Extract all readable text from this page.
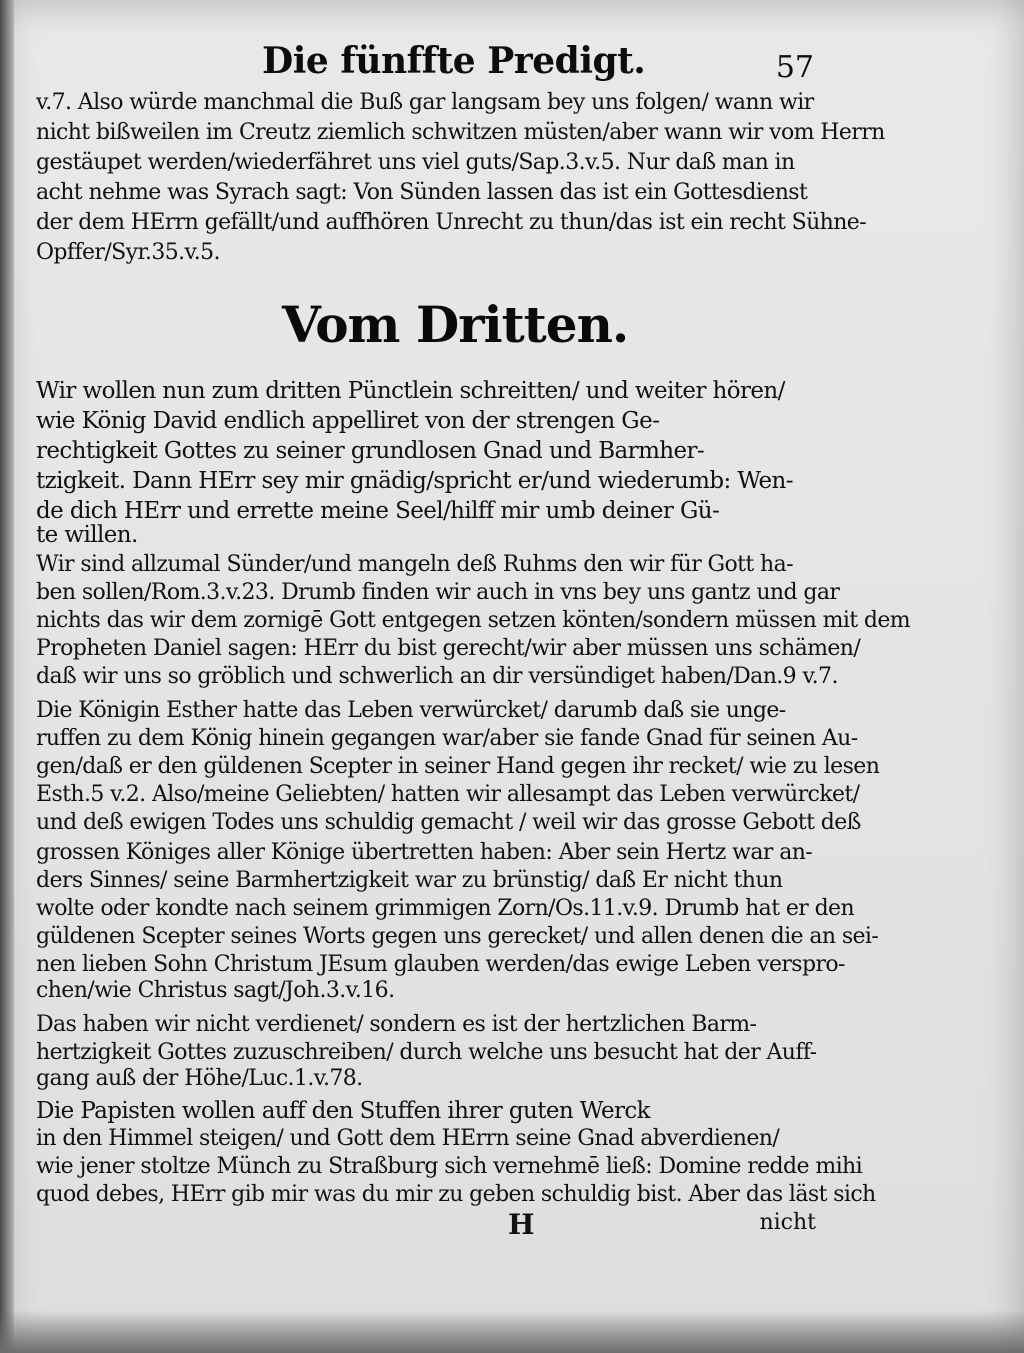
Die fünffte Predigt.	57
v.7. Also würde manchmal die Buß gar langsam bey uns folgen/ wann wir
nicht bißweilen im Creutz ziemlich schwitzen müsten/aber wann wir vom Herrn
gestäupet werden/wiederfähret uns viel guts/Sap.3.v.5. Nur daß man in
acht nehme was Syrach sagt: Von Sünden lassen das ist ein Gottesdienst
der dem HErrn gefällt/und auffhören Unrecht zu thun/das ist ein recht Sühne-
Opffer/Syr.35.v.5.
Vom Dritten.
Wir wollen nun zum dritten Pünctlein schreitten/ und weiter hören/
wie König David endlich appelliret von der strengen Ge-
rechtigkeit Gottes zu seiner grundlosen Gnad und Barmher-
tzigkeit. Dann HErr sey mir gnädig/spricht er/und wiederumb: Wen-
de dich HErr und errette meine Seel/hilff mir umb deiner Gü-
te willen.
Wir sind allzumal Sünder/und mangeln deß Ruhms den wir für Gott ha-
ben sollen/Rom.3.v.23. Drumb finden wir auch in vns bey uns gantz und gar
nichts das wir dem zornigē Gott entgegen setzen könten/sondern müssen mit dem
Propheten Daniel sagen: HErr du bist gerecht/wir aber müssen uns schämen/
daß wir uns so gröblich und schwerlich an dir versündiget haben/Dan.9 v.7.
Die Königin Esther hatte das Leben verwürcket/ darumb daß sie unge-
ruffen zu dem König hinein gegangen war/aber sie fande Gnad für seinen Au-
gen/daß er den güldenen Scepter in seiner Hand gegen ihr recket/ wie zu lesen
Esth.5 v.2. Also/meine Geliebten/ hatten wir allesampt das Leben verwürcket/
und deß ewigen Todes uns schuldig gemacht / weil wir das grosse Gebott deß
grossen Königes aller Könige übertretten haben: Aber sein Hertz war an-
ders Sinnes/ seine Barmhertzigkeit war zu brünstig/ daß Er nicht thun
wolte oder kondte nach seinem grimmigen Zorn/Os.11.v.9. Drumb hat er den
güldenen Scepter seines Worts gegen uns gerecket/ und allen denen die an sei-
nen lieben Sohn Christum JEsum glauben werden/das ewige Leben verspro-
chen/wie Christus sagt/Joh.3.v.16.
Das haben wir nicht verdienet/ sondern es ist der hertzlichen Barm-
hertzigkeit Gottes zuzuschreiben/ durch welche uns besucht hat der Auff-
gang auß der Höhe/Luc.1.v.78.
Die Papisten wollen auff den Stuffen ihrer guten Werck
in den Himmel steigen/ und Gott dem HErrn seine Gnad abverdienen/
wie jener stoltze Münch zu Straßburg sich vernehmē ließ: Domine redde mihi
quod debes, HErr gib mir was du mir zu geben schuldig bist. Aber das läst sich
H	nicht
